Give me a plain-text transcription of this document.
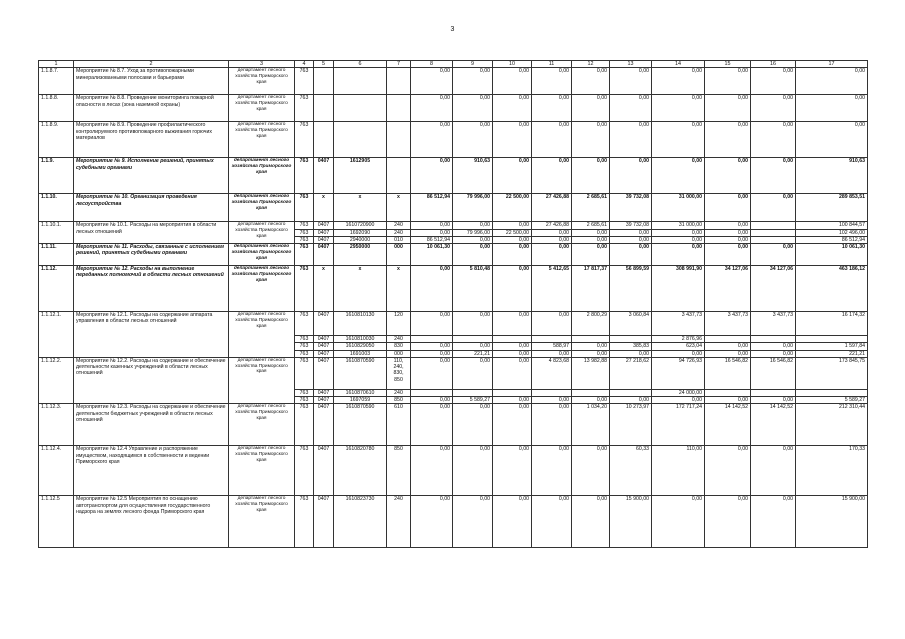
3
1	2	3	4	5	6	7	8	9	10	11	12	13	14	15	16	17
1.1.8.7.	Мероприятие № 8.7. Уход за противопожарными минерализованными полосами и барьерами	департамент лесного хозяйства Приморского края	763				0,00	0,00	0,00	0,00	0,00	0,00	0,00	0,00	0,00	0,00
1.1.8.8.	Мероприятие № 8.8. Проведение мониторинга пожарной опасности в лесах (зона наземной охраны)	департамент лесного хозяйства Приморского края	763				0,00	0,00	0,00	0,00	0,00	0,00	0,00	0,00	0,00	0,00
1.1.8.9.	Мероприятие № 8.9. Проведение профилактического контролируемого противопожарного выжигания горючих материалов	департамент лесного хозяйства Приморского края	763				0,00	0,00	0,00	0,00	0,00	0,00	0,00	0,00	0,00	0,00
1.1.9.	Мероприятие № 9. Исполнение решений, принятых судебными органами	департамент лесного хозяйства Приморского края	763	0407	1612905		0,00	910,63	0,00	0,00	0,00	0,00	0,00	0,00	0,00	910,63
1.1.10.	Мероприятие № 10. Организация проведения лесоустройства	департамент лесного хозяйства Приморского края	763	x	x	x	86 512,94	79 996,00	22 500,00	27 426,88	2 685,61	39 732,08	31 000,00	0,00	0,00	289 853,51
1.1.10.1.	Мероприятие № 10.1. Расходы на мероприятия в области лесных отношений	департамент лесного хозяйства Приморского края	763	0407	1610720900	240	0,00	0,00	0,00	27 426,88	2 685,61	39 732,08	31 000,00	0,00		100 844,57
			763	0407	1692090	240	0,00	79 996,00	22 500,00	0,00	0,00	0,00	0,00	0,00		102 496,00
			763	0407	2940000	010	86 512,94	0,00	0,00	0,00	0,00	0,00	0,00	0,00		86 512,94
1.1.11.	Мероприятие № 11. Расходы, связанные с исполнением решений, принятых судебными органами	департамент лесного хозяйства Приморского края	763	0407	2950000	000	10 061,30	0,00	0,00	0,00	0,00	0,00	0,00	0,00	0,00	10 061,30
1.1.12.	Мероприятие № 12. Расходы на выполнение переданных полномочий в области лесных отношений	департамент лесного хозяйства Приморского края	763	x	x	x	0,00	5 810,48	0,00	5 412,65	17 817,37	56 899,59	308 991,90	34 127,06	34 127,06	463 186,12
1.1.12.1.	Мероприятие № 12.1. Расходы на содержание аппарата управления в области лесных отношений	департамент лесного хозяйства Приморского края	763	0407	1610810130	120	0,00	0,00	0,00	0,00	2 800,29	3 060,84	3 437,73	3 437,73	3 437,73	16 174,32
			763	0407	1610810030	240							2 876,96			
			763	0407	1610829050	830	0,00	0,00	0,00	588,97	0,00	385,83	623,04	0,00	0,00	1 597,84
			763	0407	1691003	000	0,00	221,21	0,00	0,00	0,00	0,00	0,00	0,00	0,00	221,21
1.1.12.2.	Мероприятие № 12.2. Расходы на содержание и обеспечение деятельности казенных учреждений в области лесных отношений	департамент лесного хозяйства Приморского края	763	0407	1610870590	110,
240,
830,
850	0,00	0,00	0,00	4 823,68	13 982,88	27 218,62	94 726,93	16 546,82	16 546,82	173 845,75
			763	0407	1610870610	240							24 000,00			
			763	0407	1697059	850	0,00	5 589,27	0,00	0,00	0,00	0,00	0,00	0,00	0,00	5 589,27
1.1.12.3.	Мероприятие № 12.3. Расходы на содержание и обеспечение деятельности бюджетных учреждений в области лесных отношений	департамент лесного хозяйства Приморского края	763	0407	1610870590	610	0,00	0,00	0,00	0,00	1 034,20	10 273,97	172 717,24	14 142,52	14 142,52	212 310,44
1.1.12.4.	Мероприятие № 12.4 Управление и распоряжение имуществом, находящимся в собственности и ведении Приморского края	департамент лесного хозяйства Приморского края	763	0407	1610820780	850	0,00	0,00	0,00	0,00	0,00	60,33	110,00	0,00	0,00	170,33
1.1.12.5	Мероприятие № 12.5 Мероприятия по оснащению автотранспортом для осуществления государственного надзора на землях лесного фонда Приморского края	департамент лесного хозяйства Приморского края	763	0407	1610823730	240	0,00	0,00	0,00	0,00	0,00	15 900,00	0,00	0,00	0,00	15 900,00
